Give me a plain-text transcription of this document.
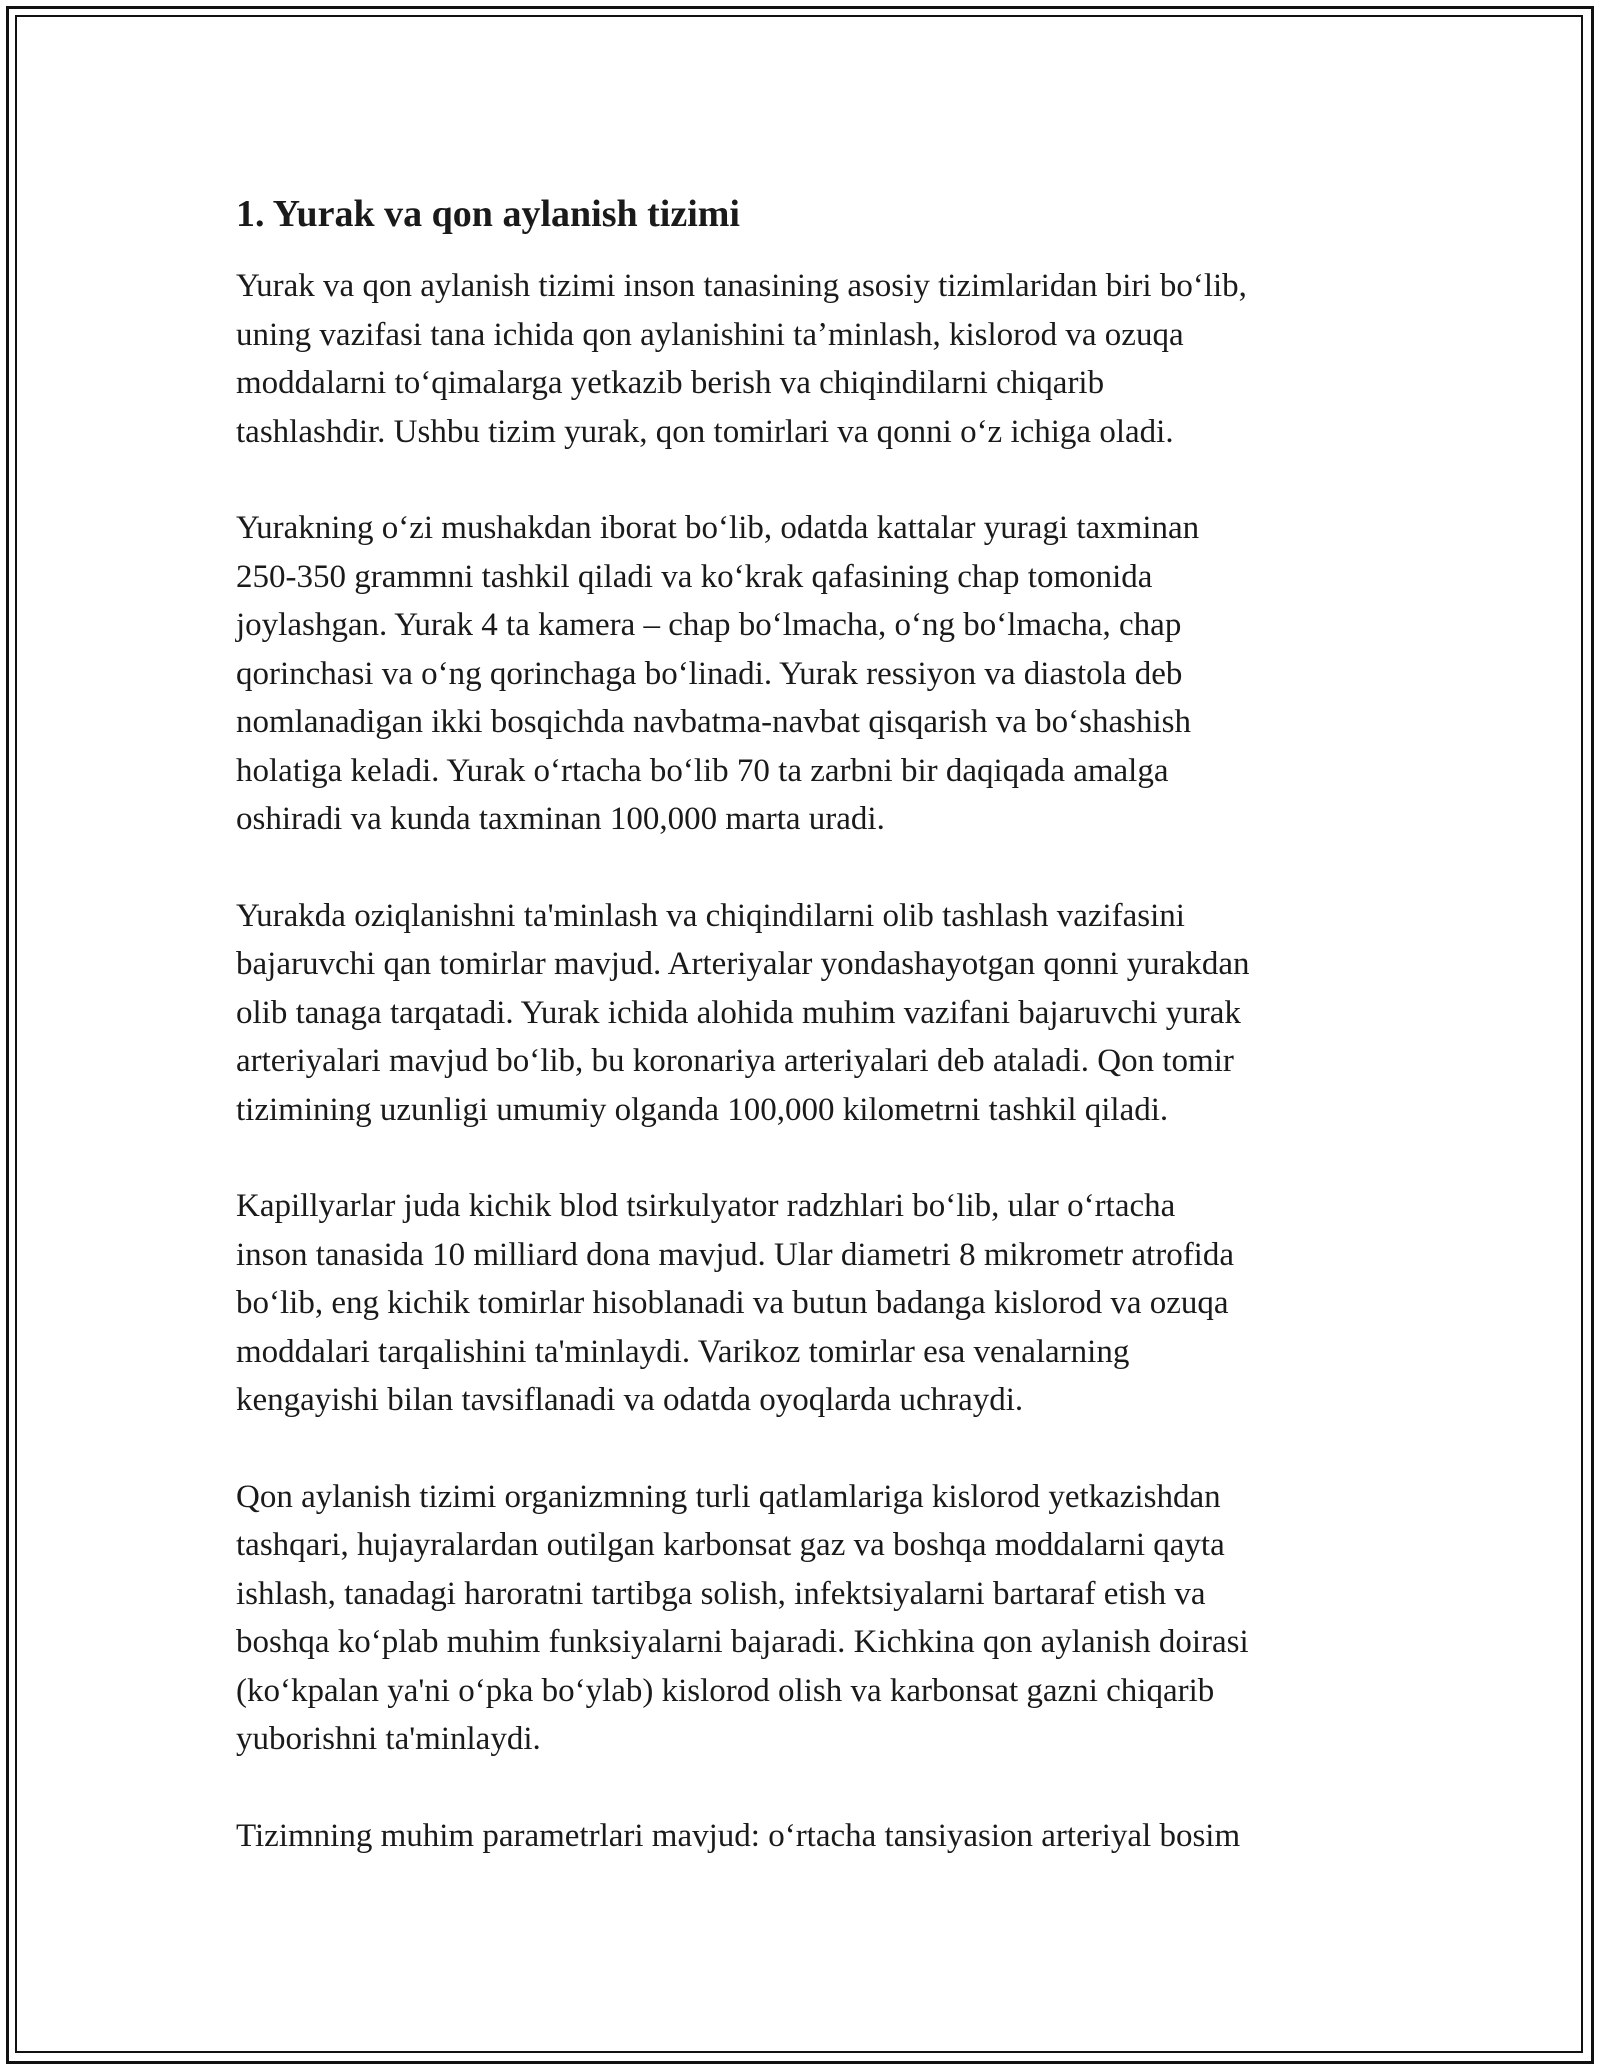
1. Yurak va qon aylanish tizimi
Yurak va qon aylanish tizimi inson tanasining asosiy tizimlaridan biri boʻlib,
uning vazifasi tana ichida qon aylanishini taʼminlash, kislorod va ozuqa
moddalarni toʻqimalarga yetkazib berish va chiqindilarni chiqarib
tashlashdir. Ushbu tizim yurak, qon tomirlari va qonni oʻz ichiga oladi.
Yurakning oʻzi mushakdan iborat boʻlib, odatda kattalar yuragi taxminan
250-350 grammni tashkil qiladi va koʻkrak qafasining chap tomonida
joylashgan. Yurak 4 ta kamera – chap boʻlmacha, oʻng boʻlmacha, chap
qorinchasi va oʻng qorinchaga boʻlinadi. Yurak ressiyon va diastola deb
nomlanadigan ikki bosqichda navbatma-navbat qisqarish va boʻshashish
holatiga keladi. Yurak oʻrtacha boʻlib 70 ta zarbni bir daqiqada amalga
oshiradi va kunda taxminan 100,000 marta uradi.
Yurakda oziqlanishni ta'minlash va chiqindilarni olib tashlash vazifasini
bajaruvchi qan tomirlar mavjud. Arteriyalar yondashayotgan qonni yurakdan
olib tanaga tarqatadi. Yurak ichida alohida muhim vazifani bajaruvchi yurak
arteriyalari mavjud boʻlib, bu koronariya arteriyalari deb ataladi. Qon tomir
tizimining uzunligi umumiy olganda 100,000 kilometrni tashkil qiladi.
Kapillyarlar juda kichik blod tsirkulyator radzhlari boʻlib, ular oʻrtacha
inson tanasida 10 milliard dona mavjud. Ular diametri 8 mikrometr atrofida
boʻlib, eng kichik tomirlar hisoblanadi va butun badanga kislorod va ozuqa
moddalari tarqalishini ta'minlaydi. Varikoz tomirlar esa venalarning
kengayishi bilan tavsiflanadi va odatda oyoqlarda uchraydi.
Qon aylanish tizimi organizmning turli qatlamlariga kislorod yetkazishdan
tashqari, hujayralardan outilgan karbonsat gaz va boshqa moddalarni qayta
ishlash, tanadagi haroratni tartibga solish, infektsiyalarni bartaraf etish va
boshqa koʻplab muhim funksiyalarni bajaradi. Kichkina qon aylanish doirasi
(koʻkpalan ya'ni oʻpka boʻylab) kislorod olish va karbonsat gazni chiqarib
yuborishni ta'minlaydi.
Tizimning muhim parametrlari mavjud: oʻrtacha tansiyasion arteriyal bosim
